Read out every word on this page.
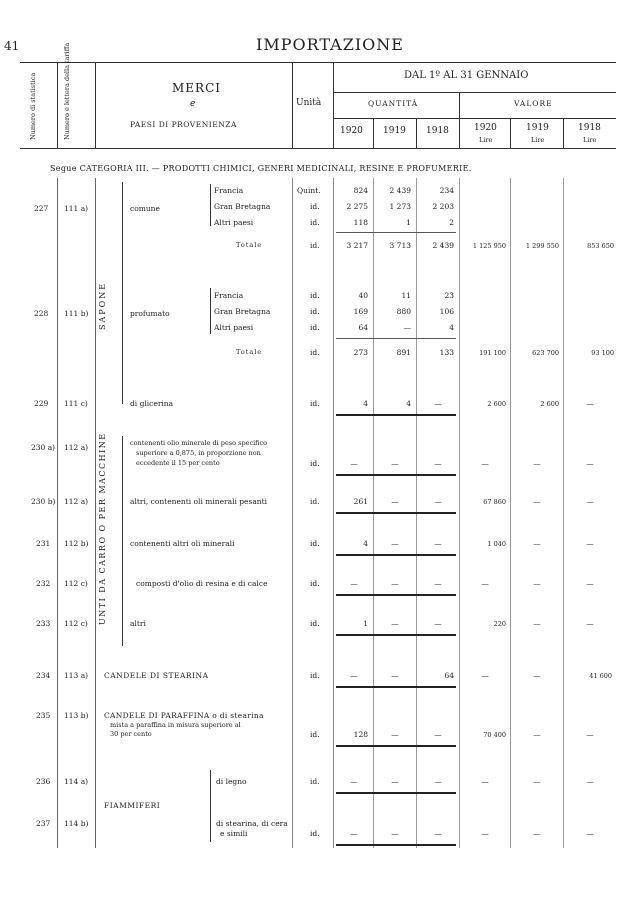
41	IMPORTAZIONE
Numero di statistica	Numero e lettera della tariffa	MERCI
e
PAESI DI PROVENIENZA
Unità
DAL 1º AL 31 GENNAIO
QUANTITÀ	VALORE
1920 1919 1918	1920	1919	1918
Lire	Lire	Lire
Segue CATEGORIA III. — PRODOTTI CHIMICI, GENERI MEDICINALI, RESINE E PROFUMERIE.
SAPONE
227 111 a)	comune
Francia	Quint.	824	2 439	234
Gran Bretagna	id.	2 275	1 273	2 203
Altri paesi	id.	118	1	2
Totale	id.	3 217	3 713	2 439	1 125 950	1 299 550	853 650
228 111 b)	profumato
Francia	id.	40	11	23
Gran Bretagna	id.	169	880	106
Altri paesi	id.	64	—	4
Totale	id.	273	891	133	191 100	623 700	93 100
229 111 c)	di glicerina	id.	4	4	—	2 600	2 600	—
UNTI DA CARRO O PER MACCHINE
230 a) 112 a)	contenenti olio minerale di peso specifico
superiore a 0,875, in proporzione non
eccedente il 15 per cento	id.	—	—	—	—	—	—
230 b) 112 a)	altri, contenenti oli minerali pesanti	id.	261	—	—	67 860	—	—
231 112 b)	contenenti altri oli minerali	id.	4	—	—	1 040	—	—
232 112 c)	composti d'olio di resina e di calce	id.	—	—	—	—	—	—
233 112 c)	altri	id.	1	—	—	220	—	—
234 113 a) CANDELE DI STEARINA	id.	—	—	64	—	—	41 600
235 113 b) CANDELE DI PARAFFINA o di stearina
mista a paraffina in misura superiore al
30 per cento	id.	128	—	—	70 400	—	—
FIAMMIFERI
236 114 a)	di legno	id.	—	—	—	—	—	—
237 114 b)	di stearina, di cera
e simili	id.	—	—	—	—	—	—
